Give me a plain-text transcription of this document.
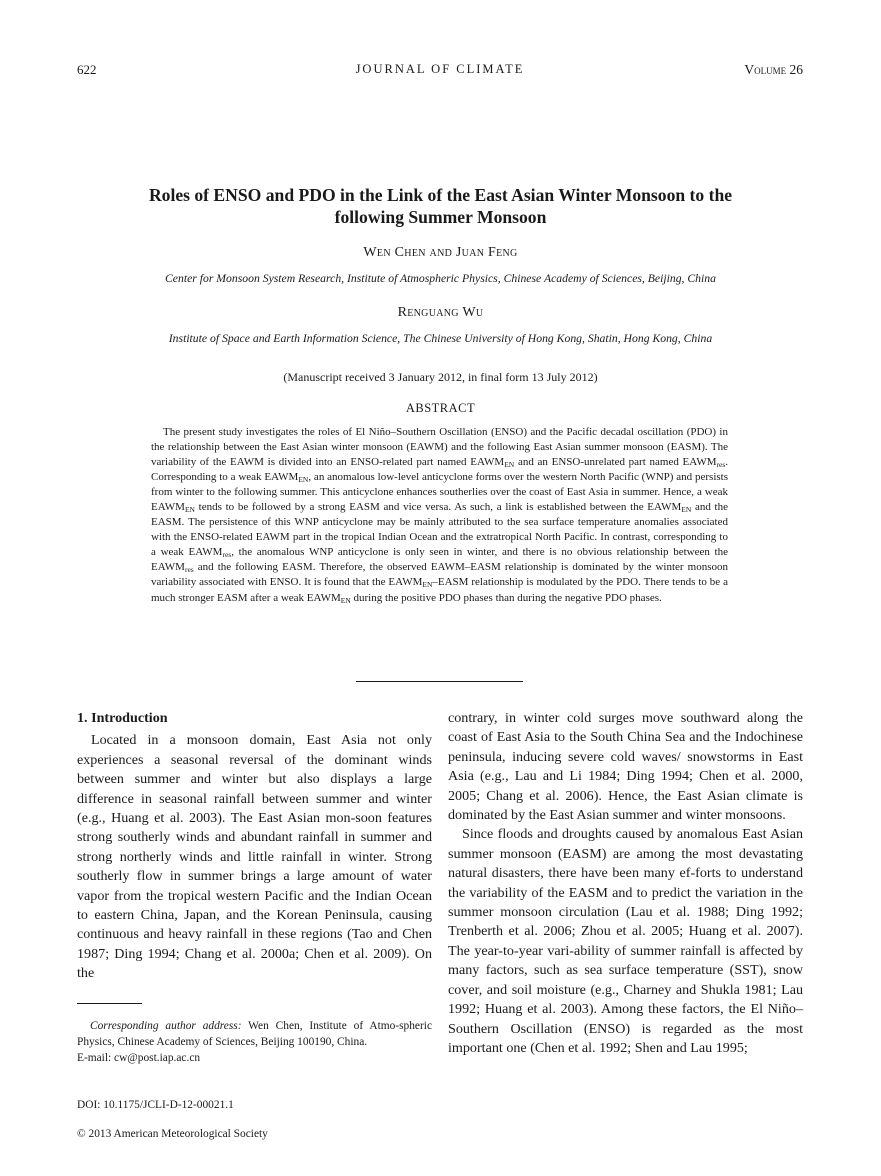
622	JOURNAL OF CLIMATE	Volume 26
Roles of ENSO and PDO in the Link of the East Asian Winter Monsoon to the
following Summer Monsoon
Wen Chen and Juan Feng
Center for Monsoon System Research, Institute of Atmospheric Physics, Chinese Academy of Sciences, Beijing, China
Renguang Wu
Institute of Space and Earth Information Science, The Chinese University of Hong Kong, Shatin, Hong Kong, China
(Manuscript received 3 January 2012, in final form 13 July 2012)
ABSTRACT

The present study investigates the roles of El Niño–Southern Oscillation (ENSO) and the Pacific decadal oscillation (PDO) in the relationship between the East Asian winter monsoon (EAWM) and the following East Asian summer monsoon (EASM). The variability of the EAWM is divided into an ENSO-related part named $EAWM_{EN}$ and an ENSO-unrelated part named $EAWM_{res}$. Corresponding to a weak $EAWM_{EN}$, an anomalous low-level anticyclone forms over the western North Pacific (WNP) and persists from winter to the following summer. This anticyclone enhances southerlies over the coast of East Asia in summer. Hence, a weak $EAWM_{EN}$ tends to be followed by a strong EASM and vice versa. As such, a link is established between the $EAWM_{EN}$ and the EASM. The persistence of this WNP anticyclone may be mainly attributed to the sea surface temperature anomalies associated with the ENSO-related EAWM part in the tropical Indian Ocean and the extratropical North Pacific. In contrast, corresponding to a weak $EAWM_{res}$, the anomalous WNP anticyclone is only seen in winter, and there is no obvious relationship between the $EAWM_{res}$ and the following EASM. Therefore, the observed EAWM–EASM relationship is dominated by the winter monsoon variability associated with ENSO. It is found that the $EAWM_{EN}$–EASM relationship is modulated by the PDO. There tends to be a much stronger EASM after a weak $EAWM_{EN}$ during the positive PDO phases than during the negative PDO phases.

1. Introduction

Located in a monsoon domain, East Asia not only experiences a seasonal reversal of the dominant winds between summer and winter but also displays a large difference in seasonal rainfall between summer and winter (e.g., Huang et al. 2003). The East Asian mon-soon features strong southerly winds and abundant rainfall in summer and strong northerly winds and little rainfall in winter. Strong southerly flow in summer brings a large amount of water vapor from the tropical western Pacific and the Indian Ocean to eastern China, Japan, and the Korean Peninsula, causing continuous and heavy rainfall in these regions (Tao and Chen 1987; Ding 1994; Chang et al. 2000a; Chen et al. 2009). On the

contrary, in winter cold surges move southward along the coast of East Asia to the South China Sea and the Indochinese peninsula, inducing severe cold waves/ snowstorms in East Asia (e.g., Lau and Li 1984; Ding 1994; Chen et al. 2000, 2005; Chang et al. 2006). Hence, the East Asian climate is dominated by the East Asian summer and winter monsoons.

Since floods and droughts caused by anomalous East Asian summer monsoon (EASM) are among the most devastating natural disasters, there have been many ef-forts to understand the variability of the EASM and to predict the variation in the summer monsoon circulation (Lau et al. 1988; Ding 1992; Trenberth et al. 2006; Zhou et al. 2005; Huang et al. 2007). The year-to-year vari-ability of summer rainfall is affected by many factors, such as sea surface temperature (SST), snow cover, and soil moisture (e.g., Charney and Shukla 1981; Lau 1992; Huang et al. 2003). Among these factors, the El Niño–Southern Oscillation (ENSO) is regarded as the most important one (Chen et al. 1992; Shen and Lau 1995;

Corresponding author address: Wen Chen, Institute of Atmo-spheric Physics, Chinese Academy of Sciences, Beijing 100190, China.

E-mail: cw@post.iap.ac.cn

DOI: 10.1175/JCLI-D-12-00021.1
© 2013 American Meteorological Society
